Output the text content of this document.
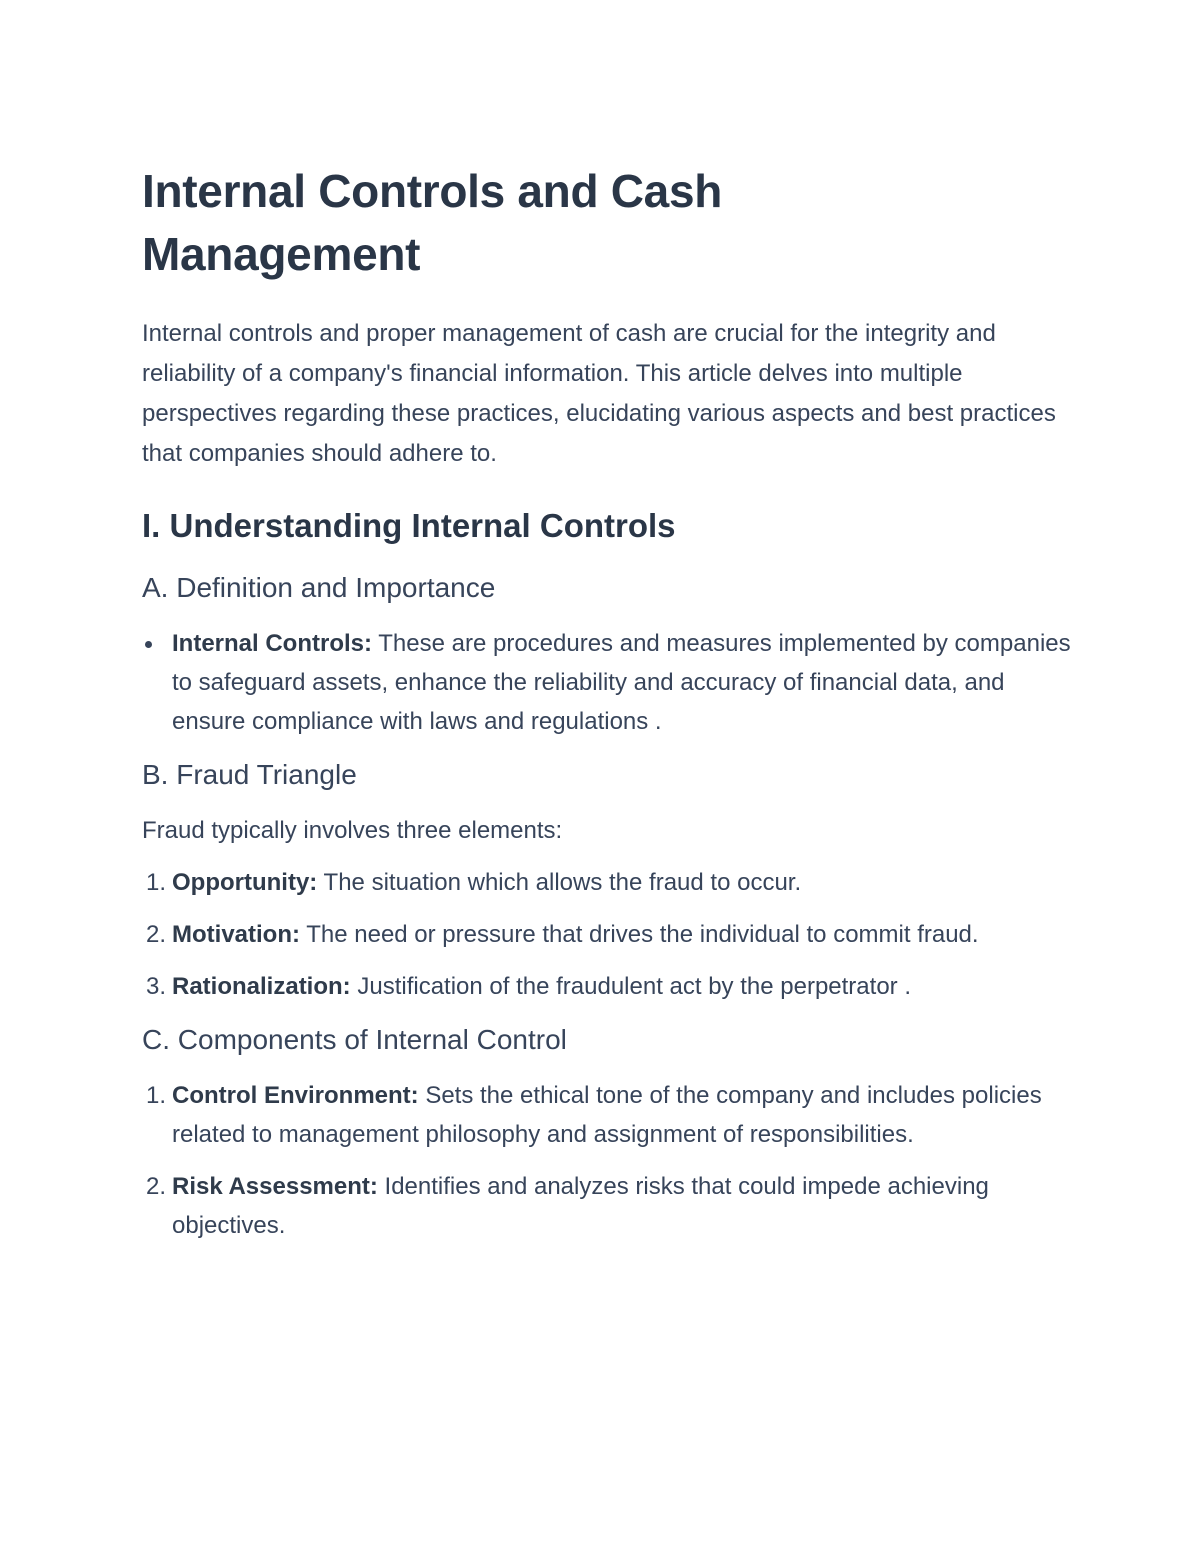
Internal Controls and Cash Management

Internal controls and proper management of cash are crucial for the integrity and reliability of a company's financial information. This article delves into multiple perspectives regarding these practices, elucidating various aspects and best practices that companies should adhere to.

I. Understanding Internal Controls
A. Definition and Importance
Internal Controls: These are procedures and measures implemented by companies to safeguard assets, enhance the reliability and accuracy of financial data, and ensure compliance with laws and regulations .
B. Fraud Triangle

Fraud typically involves three elements:

1. Opportunity: The situation which allows the fraud to occur.
2. Motivation: The need or pressure that drives the individual to commit fraud.
3. Rationalization: Justification of the fraudulent act by the perpetrator .
C. Components of Internal Control
1. Control Environment: Sets the ethical tone of the company and includes policies related to management philosophy and assignment of responsibilities.
2. Risk Assessment: Identifies and analyzes risks that could impede achieving objectives.
